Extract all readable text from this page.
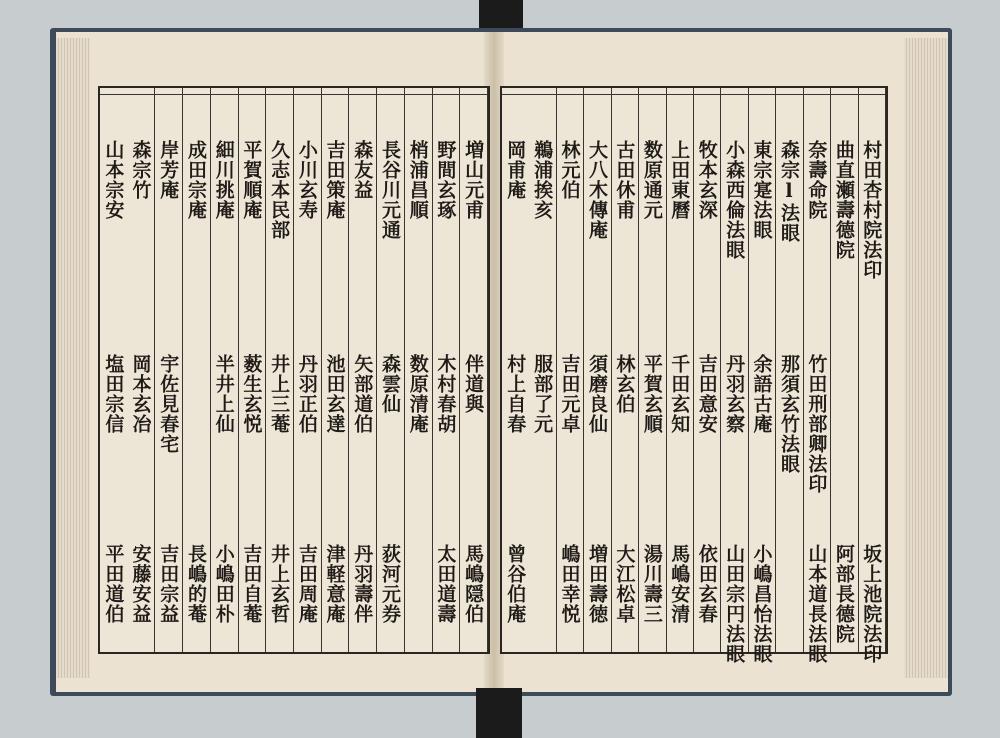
増山元甫
伴道與
馬嶋隠伯
野間玄琢
木村春胡
太田道壽
梢浦昌順
数原清庵
長谷川元通
森雲仙
荻河元券
森友益
矢部道伯
丹羽壽伴
吉田策庵
池田玄達
津軽意庵
小川玄寿
丹羽正伯
吉田周庵
久志本民部
井上三菴
井上玄哲
平賀順庵
薮生玄悦
吉田自菴
細川挑庵
半井上仙
小嶋田朴
成田宗庵
長嶋的菴
岸芳庵
宇佐見春宅
吉田宗益
森宗竹
岡本玄冶
安藤安益
山本宗安
塩田宗信
平田道伯
村田杏村院法印
坂上池院法印
曲直瀬壽德院
阿部長德院
奈壽命院
竹田刑部卿法印
山本道長法眼
森宗l法眼
那須玄竹法眼
東宗寔法眼
余語古庵
小嶋昌怡法眼
小森西倫法眼
丹羽玄察
山田宗円法眼
牧本玄深
吉田意安
依田玄春
上田東曆
千田玄知
馬嶋安清
数原通元
平賀玄順
湯川壽三
古田休甫
林玄伯
大江松卓
大八木傳庵
須磨良仙
増田壽徳
林元伯
吉田元卓
嶋田幸悦
鵜浦挨亥
服部了元
岡甫庵
村上自春
曾谷伯庵
